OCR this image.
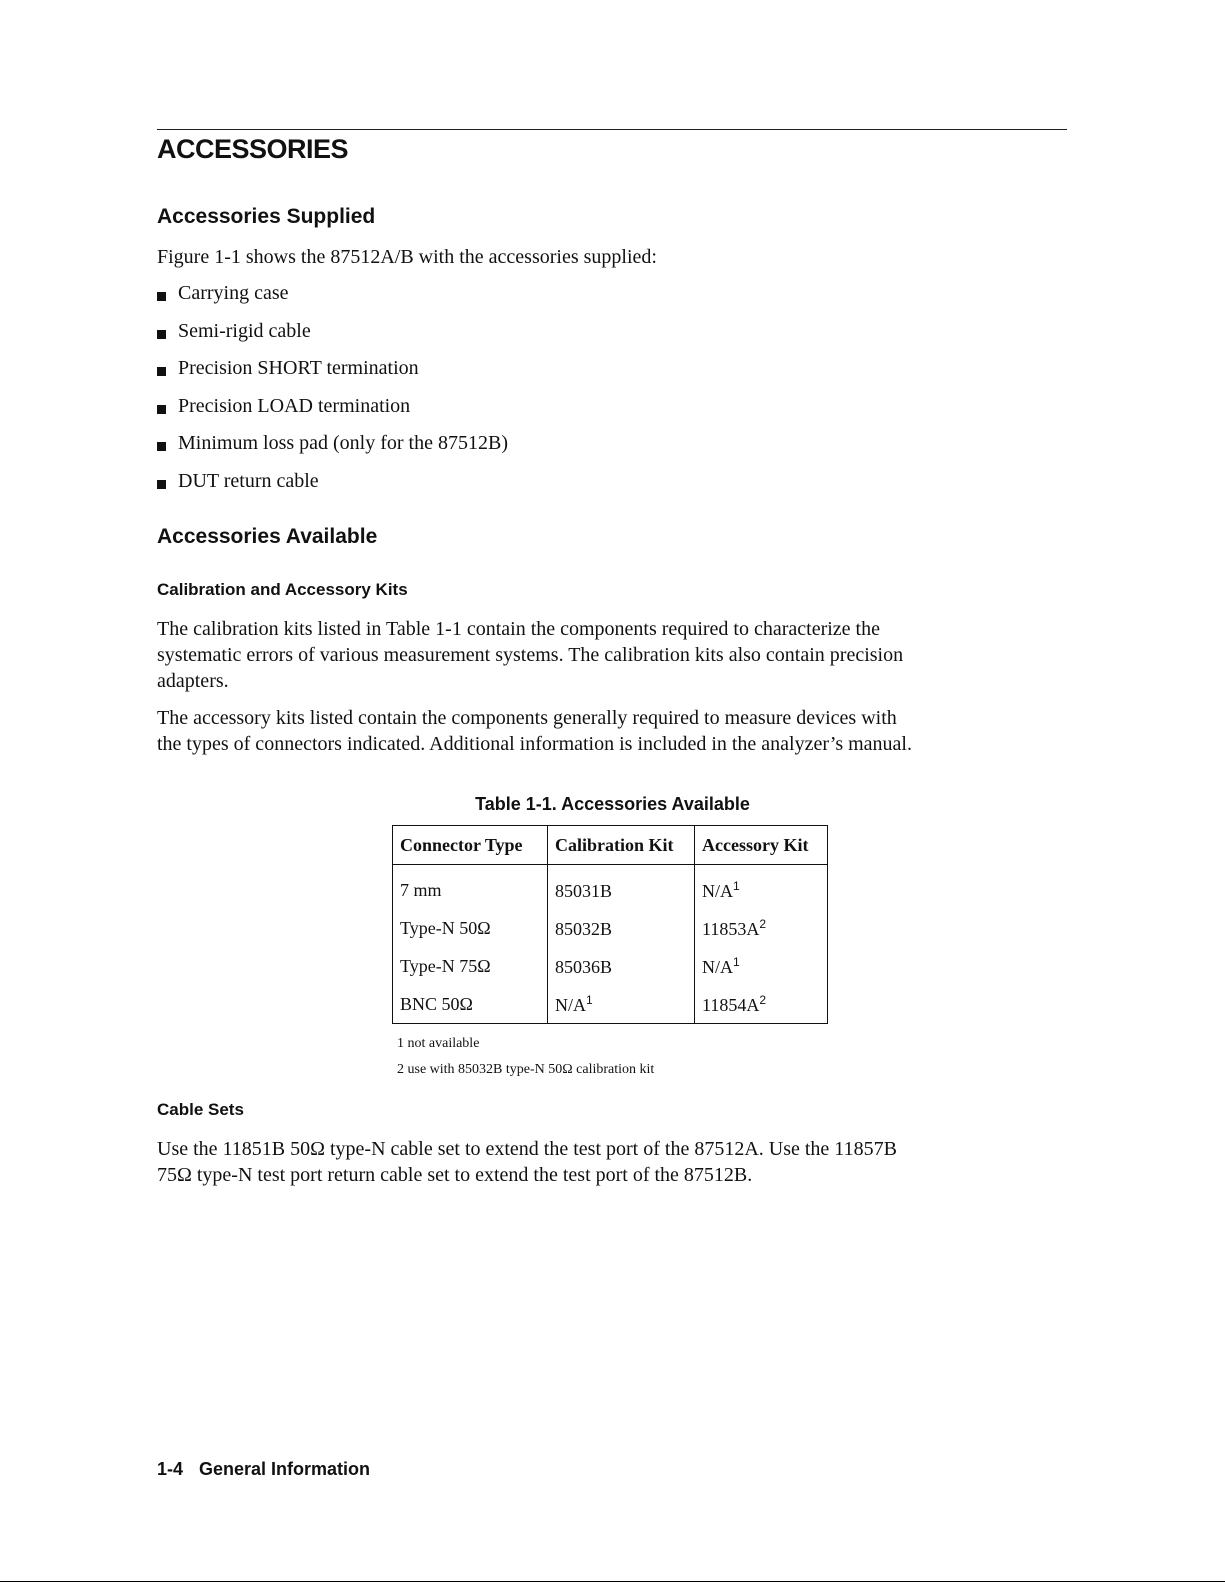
ACCESSORIES
Accessories Supplied

Figure 1-1 shows the 87512A/B with the accessories supplied:

Carrying case
Semi-rigid cable
Precision SHORT termination
Precision LOAD termination
Minimum loss pad (only for the 87512B)
DUT return cable
Accessories Available
Calibration and Accessory Kits

The calibration kits listed in Table 1-1 contain the components required to characterize the

systematic errors of various measurement systems. The calibration kits also contain precision

adapters.

The accessory kits listed contain the components generally required to measure devices with

the types of connectors indicated. Additional information is included in the analyzer’s manual.

Table 1-1. Accessories Available

Connector Type	Calibration Kit	Accessory Kit
7 mm	85031B	$N/A^1$
Type-N 50Ω	85032B	$11853A^2$
Type-N 75Ω	85036B	$N/A^1$
BNC 50Ω	$N/A^1$	$11854A^2$

1 not available

2 use with 85032B type-N 50Ω calibration kit

Cable Sets

Use the 11851B 50Ω type-N cable set to extend the test port of the 87512A. Use the 11857B

75Ω type-N test port return cable set to extend the test port of the 87512B.

1-4 General Information
